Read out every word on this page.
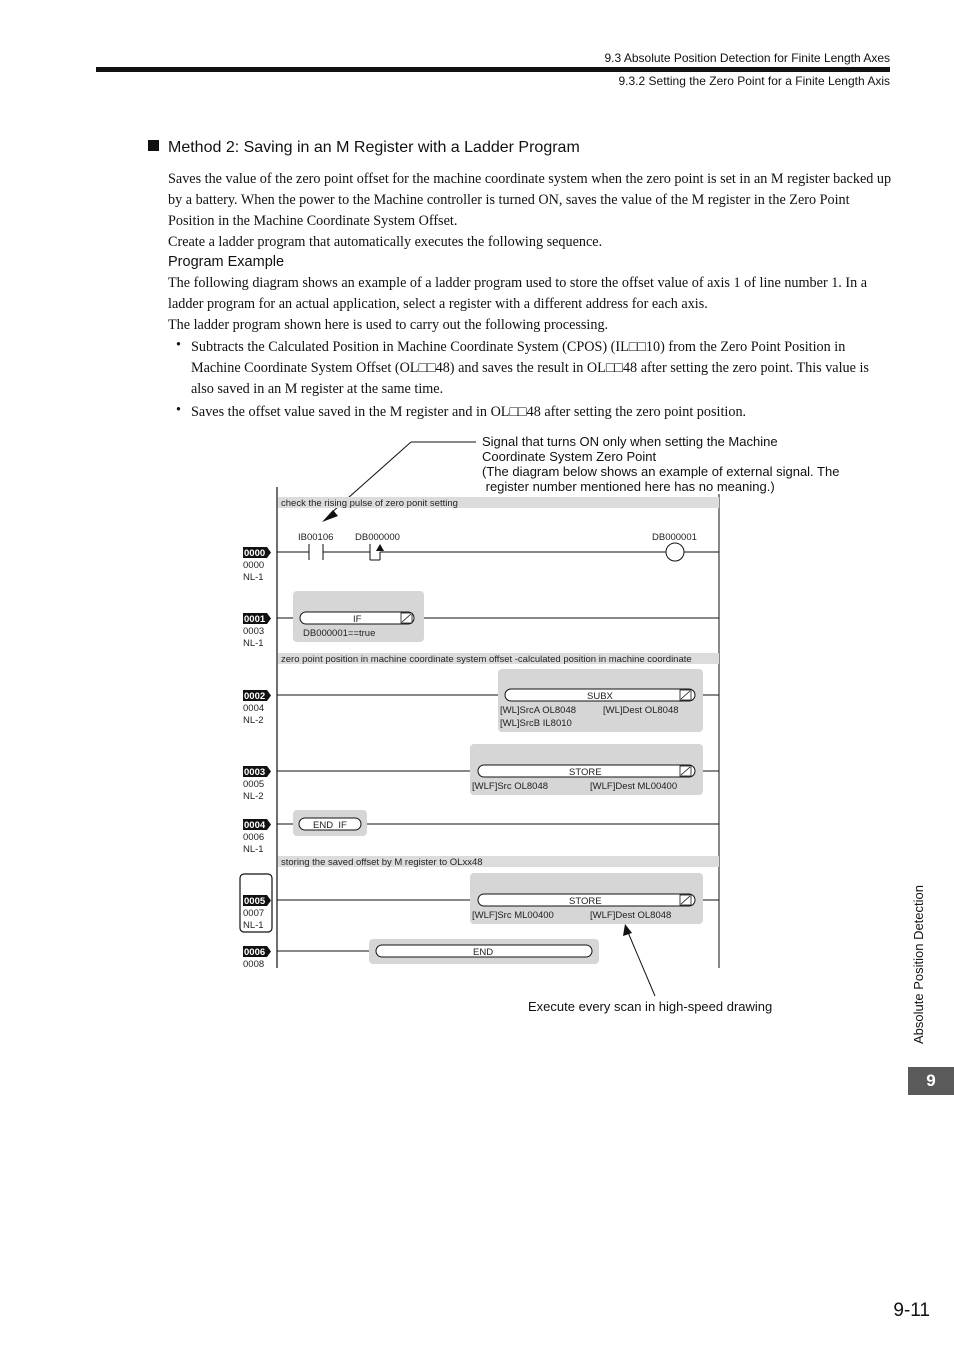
9.3 Absolute Position Detection for Finite Length Axes
9.3.2 Setting the Zero Point for a Finite Length Axis
Method 2: Saving in an M Register with a Ladder Program
Saves the value of the zero point offset for the machine coordinate system when the zero point is set in an M register backed up by a battery. When the power to the Machine controller is turned ON, saves the value of the M register in the Zero Point Position in the Machine Coordinate System Offset.
Create a ladder program that automatically executes the following sequence.
Program Example
The following diagram shows an example of a ladder program used to store the offset value of axis 1 of line number 1. In a ladder program for an actual application, select a register with a different address for each axis.
The ladder program shown here is used to carry out the following processing.
• Subtracts the Calculated Position in Machine Coordinate System (CPOS) (IL□□10) from the Zero Point Position in Machine Coordinate System Offset (OL□□48) and saves the result in OL□□48 after setting the zero point. This value is also saved in an M register at the same time.
• Saves the offset value saved in the M register and in OL□□48 after setting the zero point position.
Signal that turns ON only when setting the Machine
Coordinate System Zero Point
(The diagram below shows an example of external signal. The
register number mentioned here has no meaning.)
Execute every scan in high-speed drawing
check the rising pulse of zero ponit setting
zero point position in machine coordinate system offset -calculated position in machine coordinate
storing the saved offset by M register to OLxx48
0000
0000
NL-1
0001
0003
NL-1
0002
0004
NL-2
0003
0005
NL-2
0004
0006
NL-1
0005
0007
NL-1
0006
0008
IB00106 DB000000	DB000001
IF
DB000001==true
SUBX
[WL]SrcA OL8048	[WL]Dest OL8048
[WL]SrcB IL8010
STORE
[WLF]Src OL8048	[WLF]Dest ML00400
END_IF
STORE
[WLF]Src ML00400	[WLF]Dest OL8048
END	Absolute Position Detection
9
9-11
